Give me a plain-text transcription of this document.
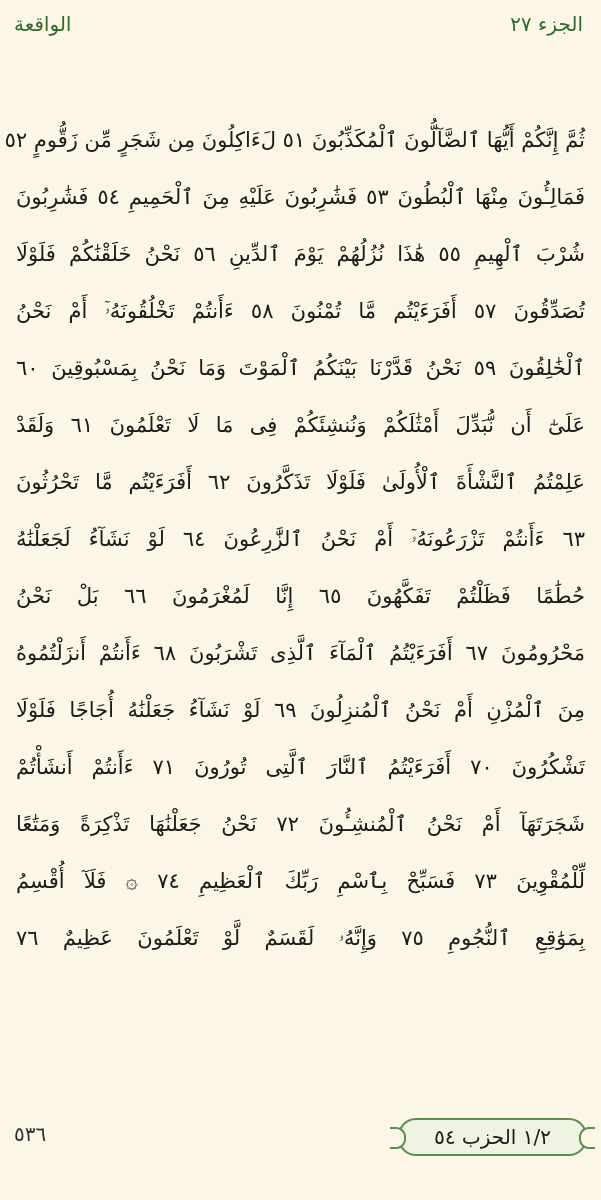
الجزء ٢٧
الواقعة
ثُمَّ إِنَّكُمْ أَيُّهَا ٱلضَّآلُّونَ ٱلْمُكَذِّبُونَ ٥١ لَءَاكِلُونَ مِن شَجَرٍ مِّن زَقُّومٍ ٥٢
فَمَالِـُٔونَ مِنْهَا ٱلْبُطُونَ ٥٣ فَشَٰرِبُونَ عَلَيْهِ مِنَ ٱلْحَمِيمِ ٥٤ فَشَٰرِبُونَ
شُرْبَ ٱلْهِيمِ ٥٥ هَٰذَا نُزُلُهُمْ يَوْمَ ٱلدِّينِ ٥٦ نَحْنُ خَلَقْنَٰكُمْ فَلَوْلَا
تُصَدِّقُونَ ٥٧ أَفَرَءَيْتُم مَّا تُمْنُونَ ٥٨ ءَأَنتُمْ تَخْلُقُونَهُۥٓ أَمْ نَحْنُ
ٱلْخَٰلِقُونَ ٥٩ نَحْنُ قَدَّرْنَا بَيْنَكُمُ ٱلْمَوْتَ وَمَا نَحْنُ بِمَسْبُوقِينَ ٦٠
عَلَىٰٓ أَن نُّبَدِّلَ أَمْثَٰلَكُمْ وَنُنشِئَكُمْ فِى مَا لَا تَعْلَمُونَ ٦١ وَلَقَدْ
عَلِمْتُمُ ٱلنَّشْأَةَ ٱلْأُولَىٰ فَلَوْلَا تَذَكَّرُونَ ٦٢ أَفَرَءَيْتُم مَّا تَحْرُثُونَ
٦٣ ءَأَنتُمْ تَزْرَعُونَهُۥٓ أَمْ نَحْنُ ٱلزَّٰرِعُونَ ٦٤ لَوْ نَشَآءُ لَجَعَلْنَٰهُ
حُطَٰمًا فَظَلْتُمْ تَفَكَّهُونَ ٦٥ إِنَّا لَمُغْرَمُونَ ٦٦ بَلْ نَحْنُ
مَحْرُومُونَ ٦٧ أَفَرَءَيْتُمُ ٱلْمَآءَ ٱلَّذِى تَشْرَبُونَ ٦٨ ءَأَنتُمْ أَنزَلْتُمُوهُ
مِنَ ٱلْمُزْنِ أَمْ نَحْنُ ٱلْمُنزِلُونَ ٦٩ لَوْ نَشَآءُ جَعَلْنَٰهُ أُجَاجًا فَلَوْلَا
تَشْكُرُونَ ٧٠ أَفَرَءَيْتُمُ ٱلنَّارَ ٱلَّتِى تُورُونَ ٧١ ءَأَنتُمْ أَنشَأْتُمْ
شَجَرَتَهَآ أَمْ نَحْنُ ٱلْمُنشِـُٔونَ ٧٢ نَحْنُ جَعَلْنَٰهَا تَذْكِرَةً وَمَتَٰعًا
لِّلْمُقْوِينَ ٧٣ فَسَبِّحْ بِٱسْمِ رَبِّكَ ٱلْعَظِيمِ ٧٤ ۞ فَلَآ أُقْسِمُ
بِمَوَٰقِعِ ٱلنُّجُومِ ٧٥ وَإِنَّهُۥ لَقَسَمٌ لَّوْ تَعْلَمُونَ عَظِيمٌ ٧٦
٥٣٦	١/٢ الحزب ٥٤
